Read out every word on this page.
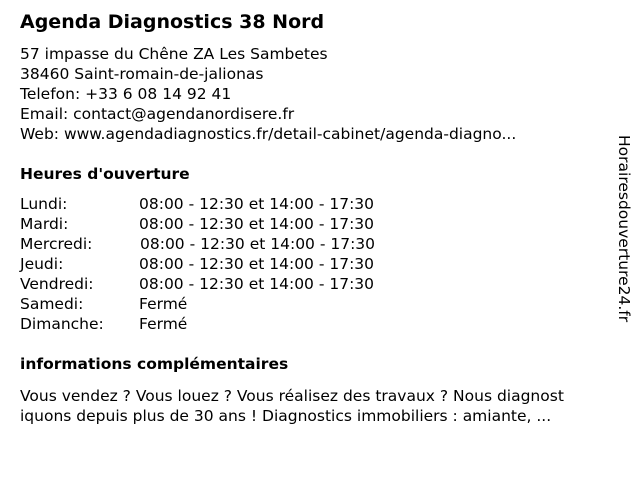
Agenda Diagnostics 38 Nord
57 impasse du Chêne ZA Les Sambetes
38460 Saint-romain-de-jalionas
Telefon: +33 6 08 14 92 41
Email: contact@agendanordisere.fr
Web: www.agendadiagnostics.fr/detail-cabinet/agenda-diagno...
Heures d'ouverture
Lundi:	08:00 - 12:30 et 14:00 - 17:30
Mardi:	08:00 - 12:30 et 14:00 - 17:30
Mercredi:	08:00 - 12:30 et 14:00 - 17:30
Jeudi:	08:00 - 12:30 et 14:00 - 17:30
Vendredi:	08:00 - 12:30 et 14:00 - 17:30
Samedi:	Fermé
Dimanche: Fermé
informations complémentaires
Vous vendez ? Vous louez ? Vous réalisez des travaux ? Nous diagnost
iquons depuis plus de 30 ans ! Diagnostics immobiliers : amiante, ...
Horairesdouverture24.fr
